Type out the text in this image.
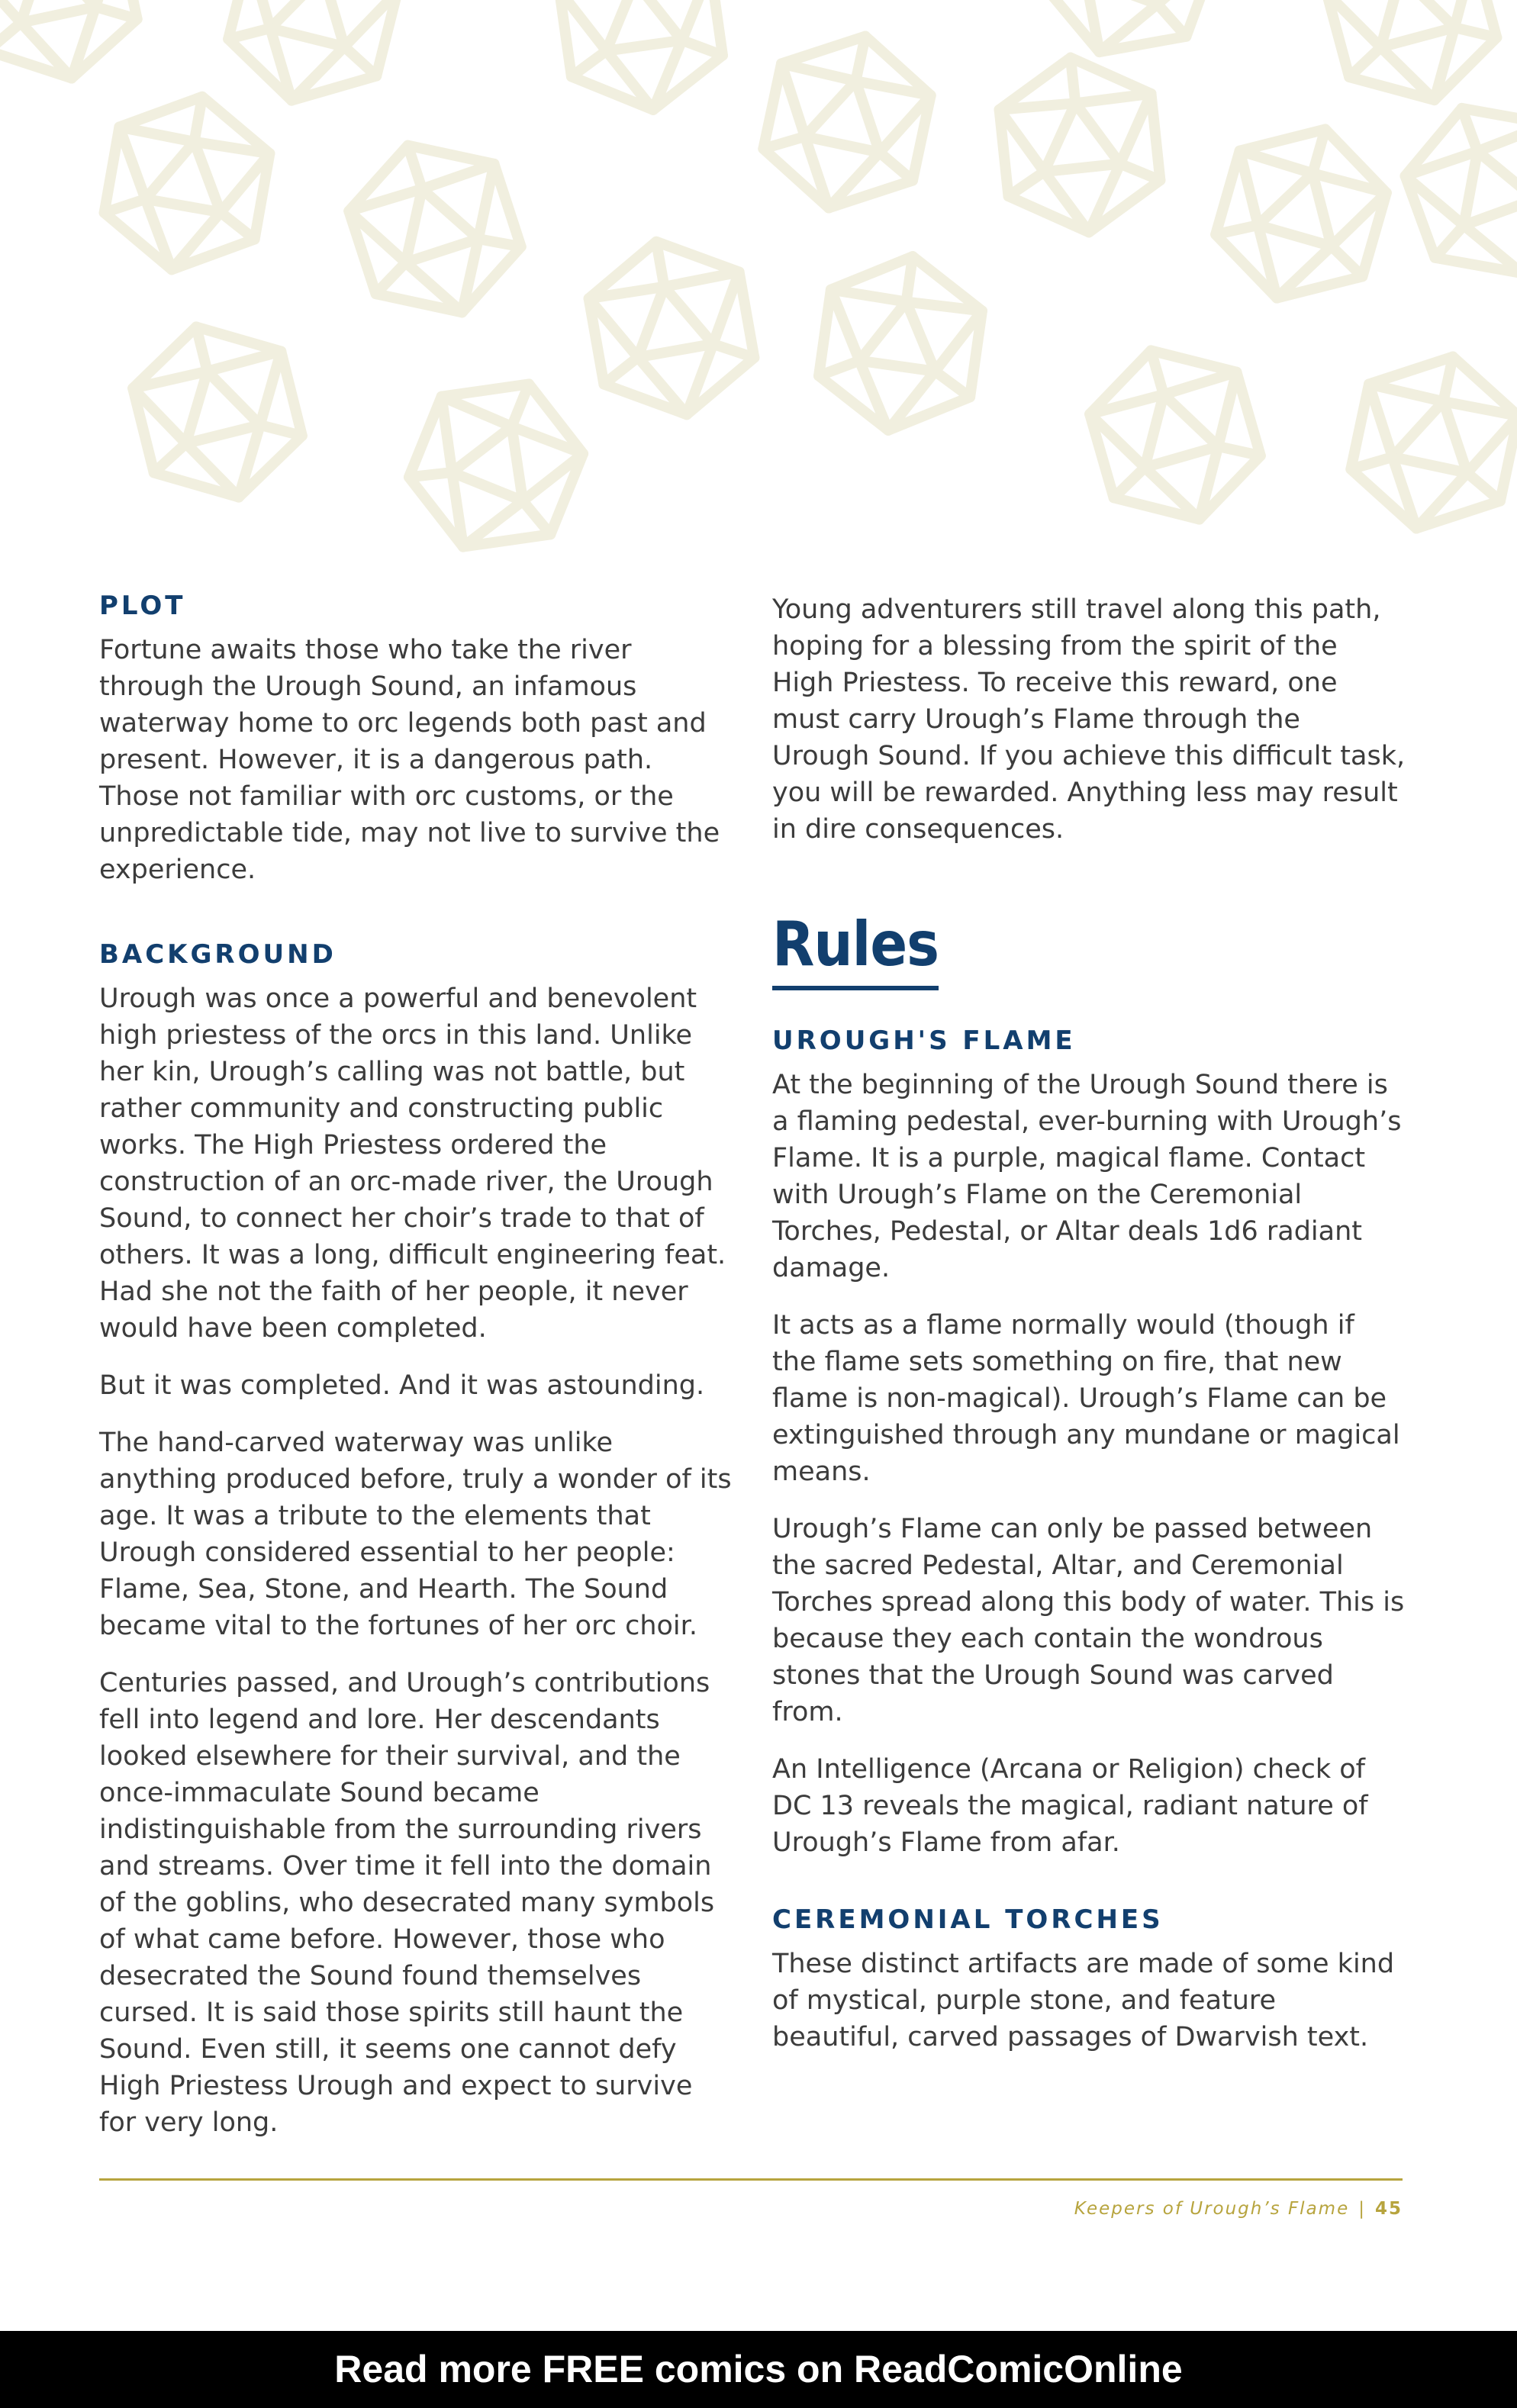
PLOT

Fortune awaits those who take the river through the Urough Sound, an infamous waterway home to orc legends both past and present. However, it is a dangerous path. Those not familiar with orc customs, or the unpredictable tide, may not live to survive the experience.

BACKGROUND

Urough was once a powerful and benevolent high priestess of the orcs in this land. Unlike her kin, Urough’s calling was not battle, but rather community and constructing public works. The High Priestess ordered the construction of an orc-made river, the Urough Sound, to connect her choir’s trade to that of others. It was a long, difficult engineering feat. Had she not the faith of her people, it never would have been completed.

But it was completed. And it was astounding.

The hand-carved waterway was unlike anything produced before, truly a wonder of its age. It was a tribute to the elements that Urough considered essential to her people: Flame, Sea, Stone, and Hearth. The Sound became vital to the fortunes of her orc choir.

Centuries passed, and Urough’s contributions fell into legend and lore. Her descendants looked elsewhere for their survival, and the once-immaculate Sound became indistinguishable from the surrounding rivers and streams. Over time it fell into the domain of the goblins, who desecrated many symbols of what came before. However, those who desecrated the Sound found themselves cursed. It is said those spirits still haunt the Sound. Even still, it seems one cannot defy High Priestess Urough and expect to survive for very long.

Young adventurers still travel along this path, hoping for a blessing from the spirit of the High Priestess. To receive this reward, one must carry Urough’s Flame through the Urough Sound. If you achieve this difficult task, you will be rewarded. Anything less may result in dire consequences.

Rules
UROUGH'S FLAME

At the beginning of the Urough Sound there is a flaming pedestal, ever-burning with Urough’s Flame. It is a purple, magical flame. Contact with Urough’s Flame on the Ceremonial Torches, Pedestal, or Altar deals 1d6 radiant damage.

It acts as a flame normally would (though if the flame sets something on fire, that new flame is non-magical). Urough’s Flame can be extinguished through any mundane or magical means.

Urough’s Flame can only be passed between the sacred Pedestal, Altar, and Ceremonial Torches spread along this body of water. This is because they each contain the wondrous stones that the Urough Sound was carved from.

An Intelligence (Arcana or Religion) check of DC 13 reveals the magical, radiant nature of Urough’s Flame from afar.

CEREMONIAL TORCHES

These distinct artifacts are made of some kind of mystical, purple stone, and feature beautiful, carved passages of Dwarvish text.

Keepers of Urough’s Flame | 45
Read more FREE comics on ReadComicOnline
